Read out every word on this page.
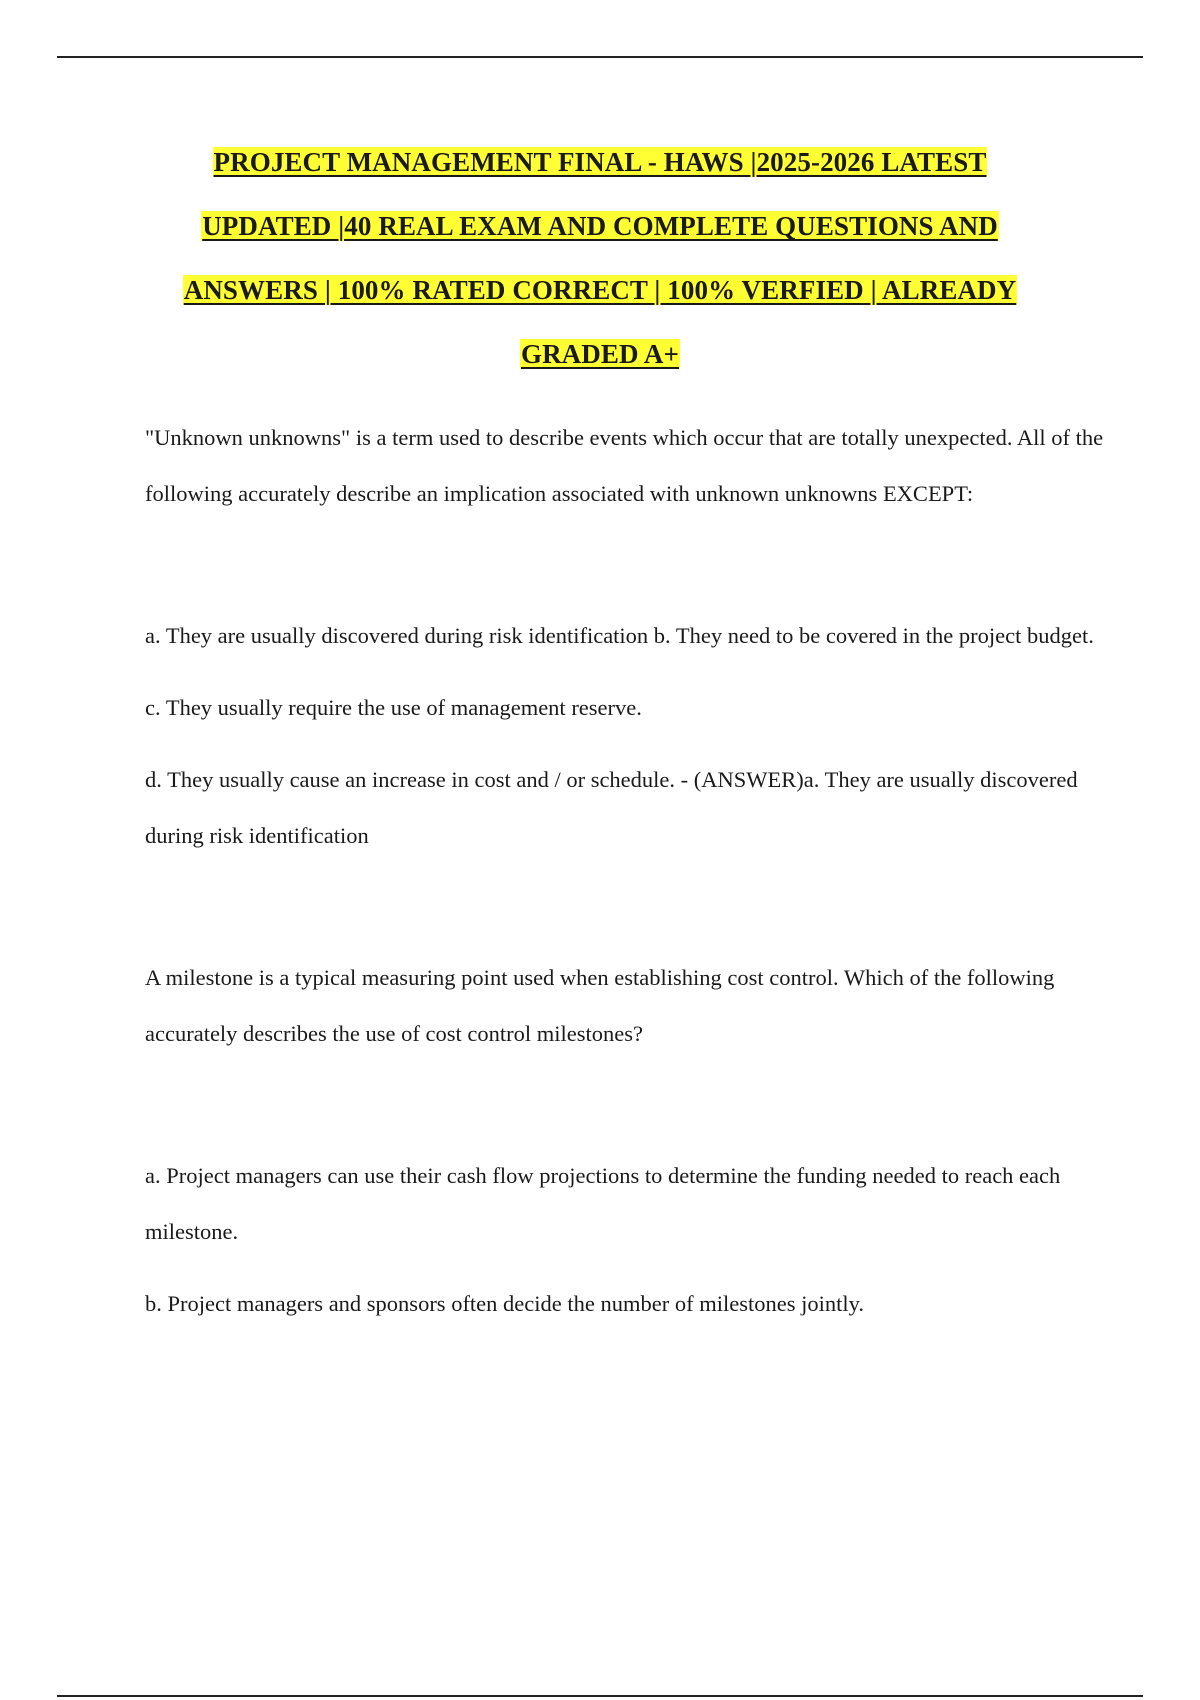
PROJECT MANAGEMENT FINAL - HAWS |2025-2026 LATEST
UPDATED |40 REAL EXAM AND COMPLETE QUESTIONS AND
ANSWERS | 100% RATED CORRECT | 100% VERFIED | ALREADY
GRADED A+

"Unknown unknowns" is a term used to describe events which occur that are totally unexpected. All of the following accurately describe an implication associated with unknown unknowns EXCEPT:

a. They are usually discovered during risk identification b. They need to be covered in the project budget.

c. They usually require the use of management reserve.

d. They usually cause an increase in cost and / or schedule. - (ANSWER)a. They are usually discovered during risk identification

A milestone is a typical measuring point used when establishing cost control. Which of the following accurately describes the use of cost control milestones?

a. Project managers can use their cash flow projections to determine the funding needed to reach each milestone.

b. Project managers and sponsors often decide the number of milestones jointly.
